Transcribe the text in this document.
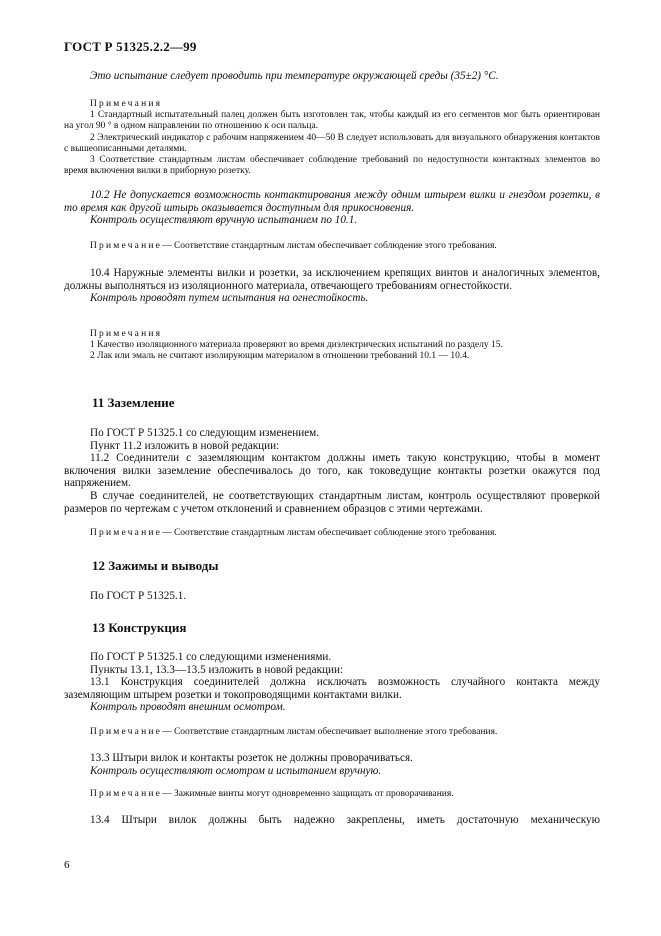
ГОСТ Р 51325.2.2—99
Это испытание следует проводить при температуре окружающей среды (35±2) °С.
Примечания
1 Стандартный испытательный палец должен быть изготовлен так, чтобы каждый из его сегментов мог быть ориентирован на угол 90 ° в одном направлении по отношению к оси пальца.
2 Электрический индикатор с рабочим напряжением 40—50 В следует использовать для визуального обнаружения контактов с вышеописанными деталями.
3 Соответствие стандартным листам обеспечивает соблюдение требований по недоступности контактных элементов во время включения вилки в приборную розетку.
10.2 Не допускается возможность контактирования между одним штырем вилки и гнездом розетки, в то время как другой штырь оказывается доступным для прикосновения.
Контроль осуществляют вручную испытанием по 10.1.
Примечание— Соответствие стандартным листам обеспечивает соблюдение этого требования.
10.4 Наружные элементы вилки и розетки, за исключением крепящих винтов и аналогичных элементов, должны выполняться из изоляционного материала, отвечающего требованиям огнестойкости.
Контроль проводят путем испытания на огнестойкость.
Примечания
1 Качество изоляционного материала проверяют во время диэлектрических испытаний по разделу 15.
2 Лак или эмаль не считают изолирующим материалом в отношении требований 10.1 — 10.4.
11 Заземление
По ГОСТ Р 51325.1 со следующим изменением.
Пункт 11.2 изложить в новой редакции:
11.2 Соединители с заземляющим контактом должны иметь такую конструкцию, чтобы в момент включения вилки заземление обеспечивалось до того, как токоведущие контакты розетки окажутся под напряжением.
В случае соединителей, не соответствующих стандартным листам, контроль осуществляют проверкой размеров по чертежам с учетом отклонений и сравнением образцов с этими чертежами.
Примечание— Соответствие стандартным листам обеспечивает соблюдение этого требования.
12 Зажимы и выводы
По ГОСТ Р 51325.1.
13 Конструкция
По ГОСТ Р 51325.1 со следующими изменениями.
Пункты 13.1, 13.3—13.5 изложить в новой редакции:
13.1 Конструкция соединителей должна исключать возможность случайного контакта между заземляющим штырем розетки и токопроводящими контактами вилки.
Контроль проводят внешним осмотром.
Примечание— Соответствие стандартным листам обеспечивает выполнение этого требования.
13.3 Штыри вилок и контакты розеток не должны проворачиваться.
Контроль осуществляют осмотром и испытанием вручную.
Примечание— Зажимные винты могут одновременно защищать от проворачивания.
13.4 Штыри вилок должны быть надежно закреплены, иметь достаточную механическую
6
